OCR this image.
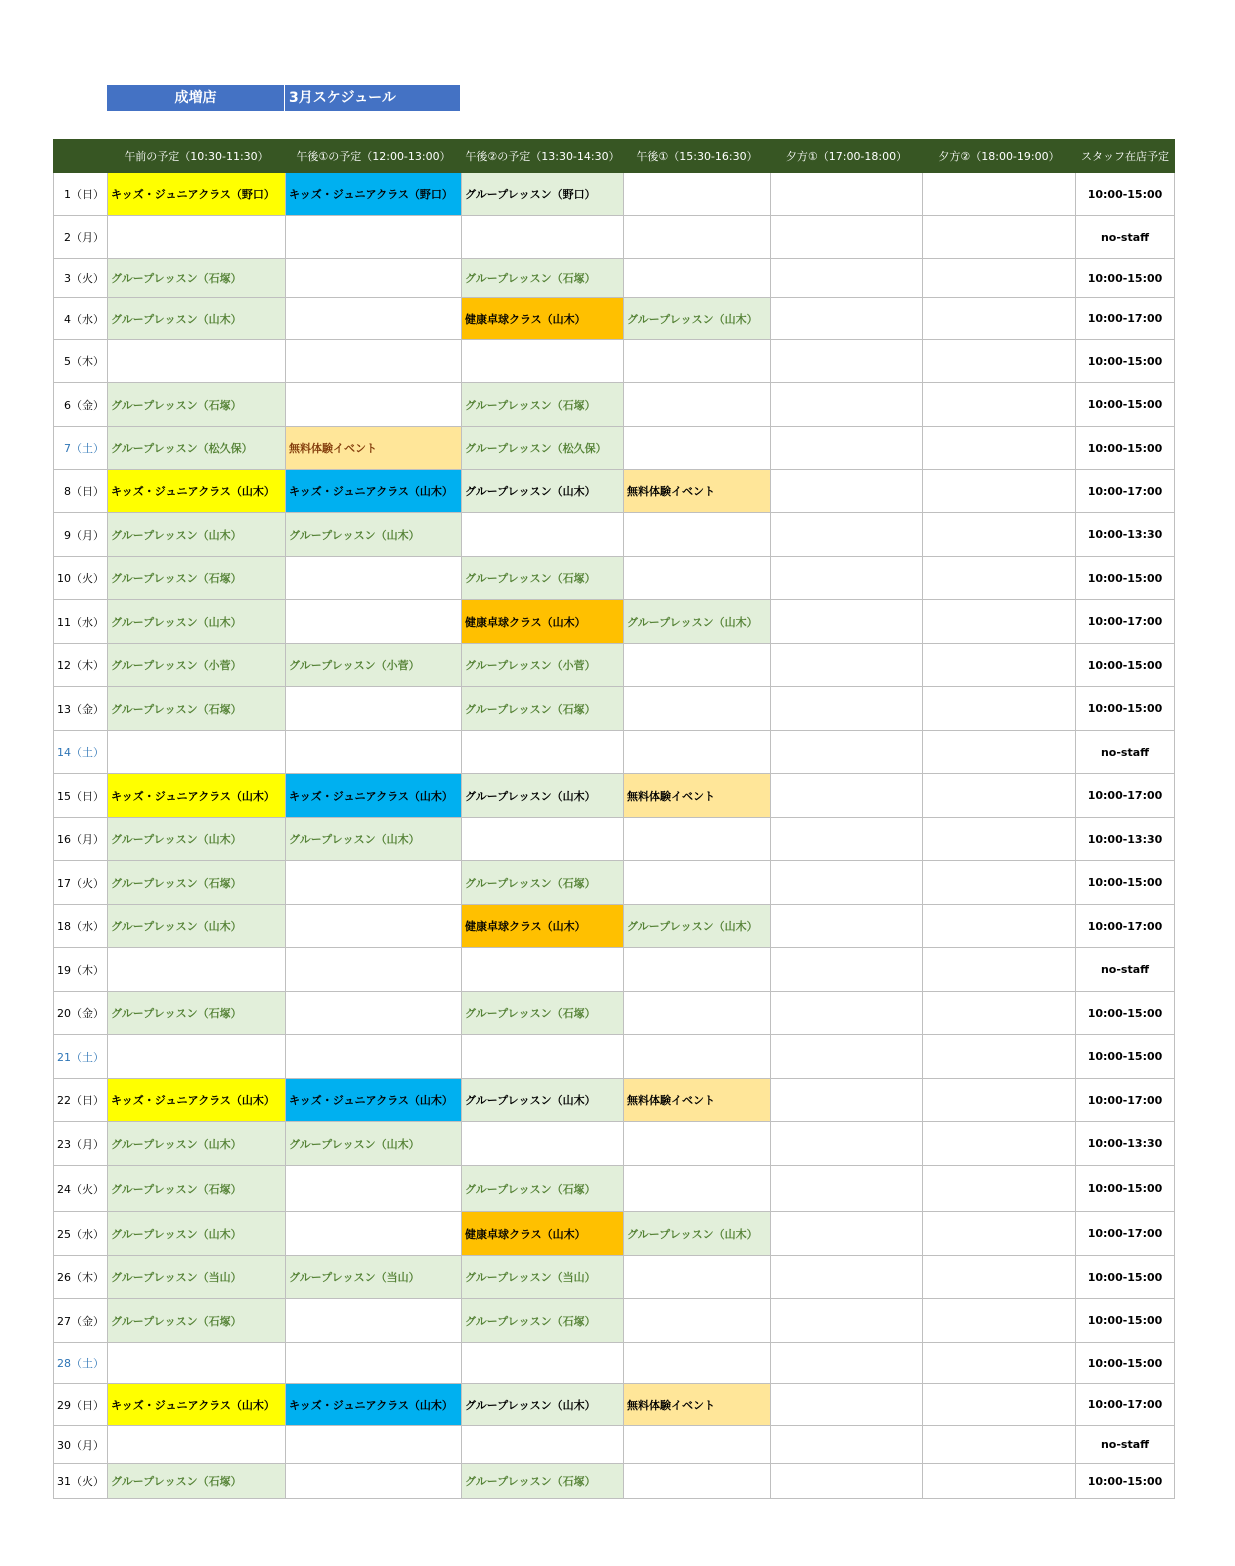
成増店	3月スケジュール
	午前の予定（10:30-11:30）	午後①の予定（12:00-13:00）	午後②の予定（13:30-14:30）	午後①（15:30-16:30）	夕方①（17:00-18:00）	夕方②（18:00-19:00）	スタッフ在店予定
1（日）	キッズ・ジュニアクラス（野口）	キッズ・ジュニアクラス（野口）	グループレッスン（野口）				10:00-15:00
2（月）							no-staff
3（火）	グループレッスン（石塚）		グループレッスン（石塚）				10:00-15:00
4（水）	グループレッスン（山木）		健康卓球クラス（山木）	グループレッスン（山木）			10:00-17:00
5（木）							10:00-15:00
6（金）	グループレッスン（石塚）		グループレッスン（石塚）				10:00-15:00
7（土）	グループレッスン（松久保）	無料体験イベント	グループレッスン（松久保）				10:00-15:00
8（日）	キッズ・ジュニアクラス（山木）	キッズ・ジュニアクラス（山木）	グループレッスン（山木）	無料体験イベント			10:00-17:00
9（月）	グループレッスン（山木）	グループレッスン（山木）					10:00-13:30
10（火）	グループレッスン（石塚）		グループレッスン（石塚）				10:00-15:00
11（水）	グループレッスン（山木）		健康卓球クラス（山木）	グループレッスン（山木）			10:00-17:00
12（木）	グループレッスン（小菅）	グループレッスン（小菅）	グループレッスン（小菅）				10:00-15:00
13（金）	グループレッスン（石塚）		グループレッスン（石塚）				10:00-15:00
14（土）							no-staff
15（日）	キッズ・ジュニアクラス（山木）	キッズ・ジュニアクラス（山木）	グループレッスン（山木）	無料体験イベント			10:00-17:00
16（月）	グループレッスン（山木）	グループレッスン（山木）					10:00-13:30
17（火）	グループレッスン（石塚）		グループレッスン（石塚）				10:00-15:00
18（水）	グループレッスン（山木）		健康卓球クラス（山木）	グループレッスン（山木）			10:00-17:00
19（木）							no-staff
20（金）	グループレッスン（石塚）		グループレッスン（石塚）				10:00-15:00
21（土）							10:00-15:00
22（日）	キッズ・ジュニアクラス（山木）	キッズ・ジュニアクラス（山木）	グループレッスン（山木）	無料体験イベント			10:00-17:00
23（月）	グループレッスン（山木）	グループレッスン（山木）					10:00-13:30
24（火）	グループレッスン（石塚）		グループレッスン（石塚）				10:00-15:00
25（水）	グループレッスン（山木）		健康卓球クラス（山木）	グループレッスン（山木）			10:00-17:00
26（木）	グループレッスン（当山）	グループレッスン（当山）	グループレッスン（当山）				10:00-15:00
27（金）	グループレッスン（石塚）		グループレッスン（石塚）				10:00-15:00
28（土）							10:00-15:00
29（日）	キッズ・ジュニアクラス（山木）	キッズ・ジュニアクラス（山木）	グループレッスン（山木）	無料体験イベント			10:00-17:00
30（月）							no-staff
31（火）	グループレッスン（石塚）		グループレッスン（石塚）				10:00-15:00
